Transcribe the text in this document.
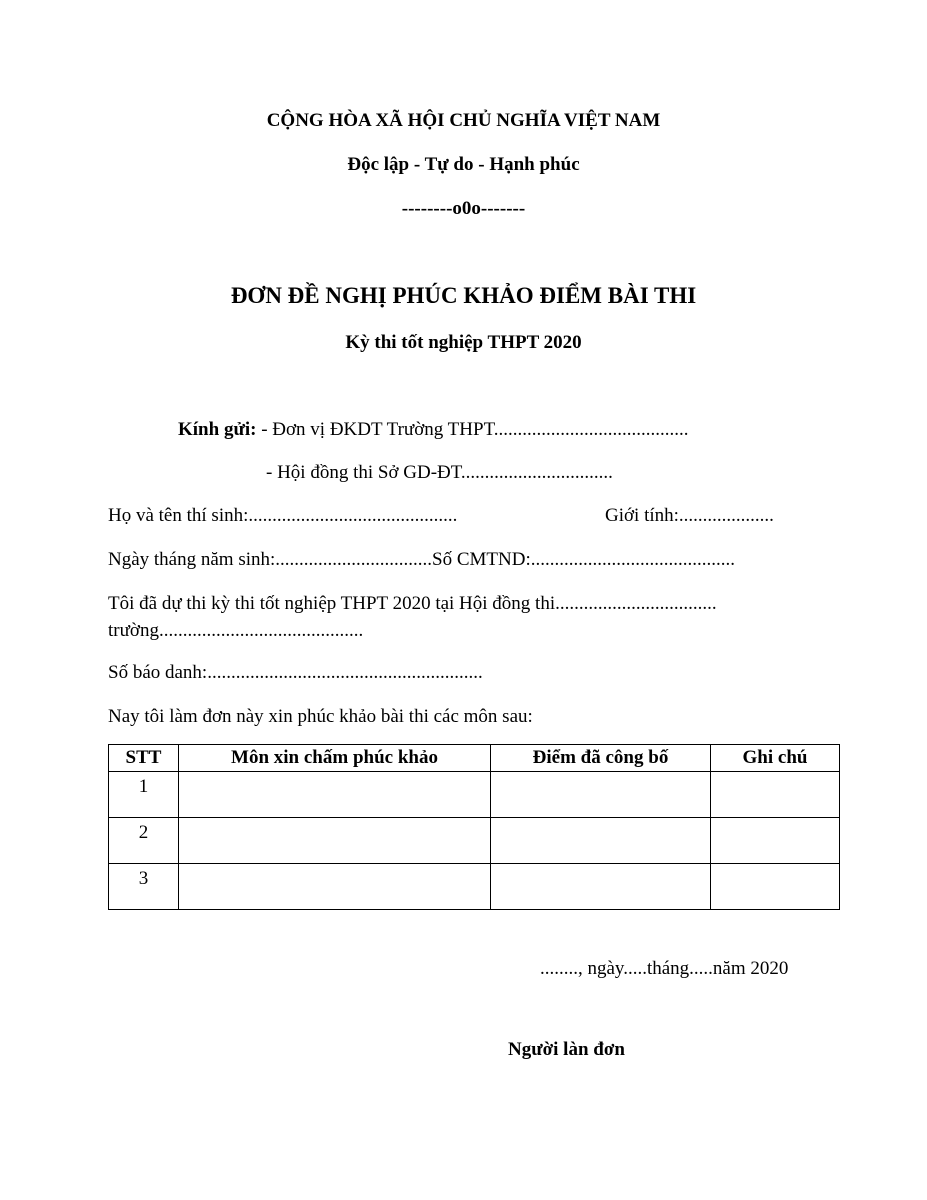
CỘNG HÒA XÃ HỘI CHỦ NGHĨA VIỆT NAM
Độc lập - Tự do - Hạnh phúc
--------o0o-------
ĐƠN ĐỀ NGHỊ PHÚC KHẢO ĐIỂM BÀI THI
Kỳ thi tốt nghiệp THPT 2020
Kính gửi: - Đơn vị ĐKDT Trường THPT.........................................
- Hội đồng thi Sở GD-ĐT................................
Họ và tên thí sinh:............................................	Giới tính:....................
Ngày tháng năm sinh:.................................Số CMTND:...........................................
Tôi đã dự thi kỳ thi tốt nghiệp THPT 2020 tại Hội đồng thi..................................
trường...........................................
Số báo danh:..........................................................
Nay tôi làm đơn này xin phúc khảo bài thi các môn sau:
STT	Môn xin chấm phúc khảo	Điểm đã công bố	Ghi chú
1			
2			
3			
........, ngày.....tháng.....năm 2020
Người làn đơn
